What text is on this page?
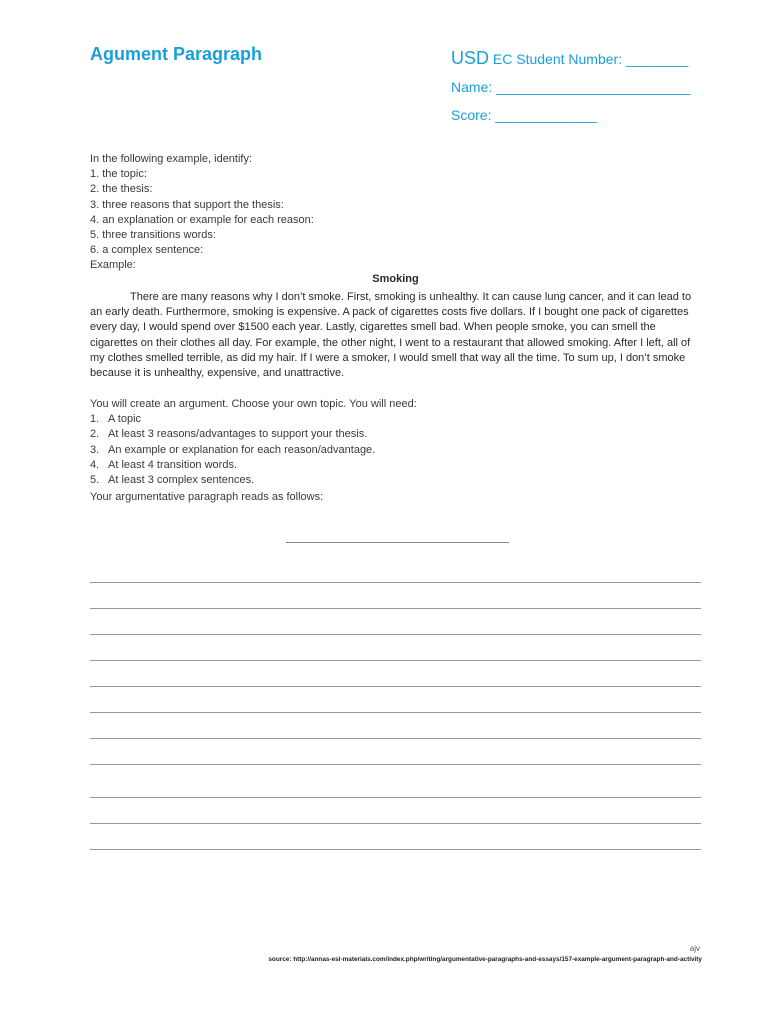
Agument Paragraph	USD EC Student Number: ________
Name: _________________________
Score: _____________
In the following example, identify:
1. the topic:
2. the thesis:
3. three reasons that support the thesis:
4. an explanation or example for each reason:
5. three transitions words:
6. a complex sentence:
Example:
Smoking
There are many reasons why I don’t smoke. First, smoking is unhealthy. It can cause lung cancer, and it can lead to an early death. Furthermore, smoking is expensive. A pack of cigarettes costs five dollars. If I bought one pack of cigarettes every day, I would spend over $1500 each year. Lastly, cigarettes smell bad. When people smoke, you can smell the cigarettes on their clothes all day. For example, the other night, I went to a restaurant that allowed smoking. After I left, all of my clothes smelled terrible, as did my hair. If I were a smoker, I would smell that way all the time. To sum up, I don’t smoke because it is unhealthy, expensive, and unattractive.
You will create an argument. Choose your own topic. You will need:
1. A topic
2. At least 3 reasons/advantages to support your thesis.
3. An example or explanation for each reason/advantage.
4. At least 4 transition words.
5. At least 3 complex sentences.
Your argumentative paragraph reads as follows:
ajv
source: http://annas-esl-materials.com/index.php/writing/argumentative-paragraphs-and-essays/157-example-argument-paragraph-and-activity
